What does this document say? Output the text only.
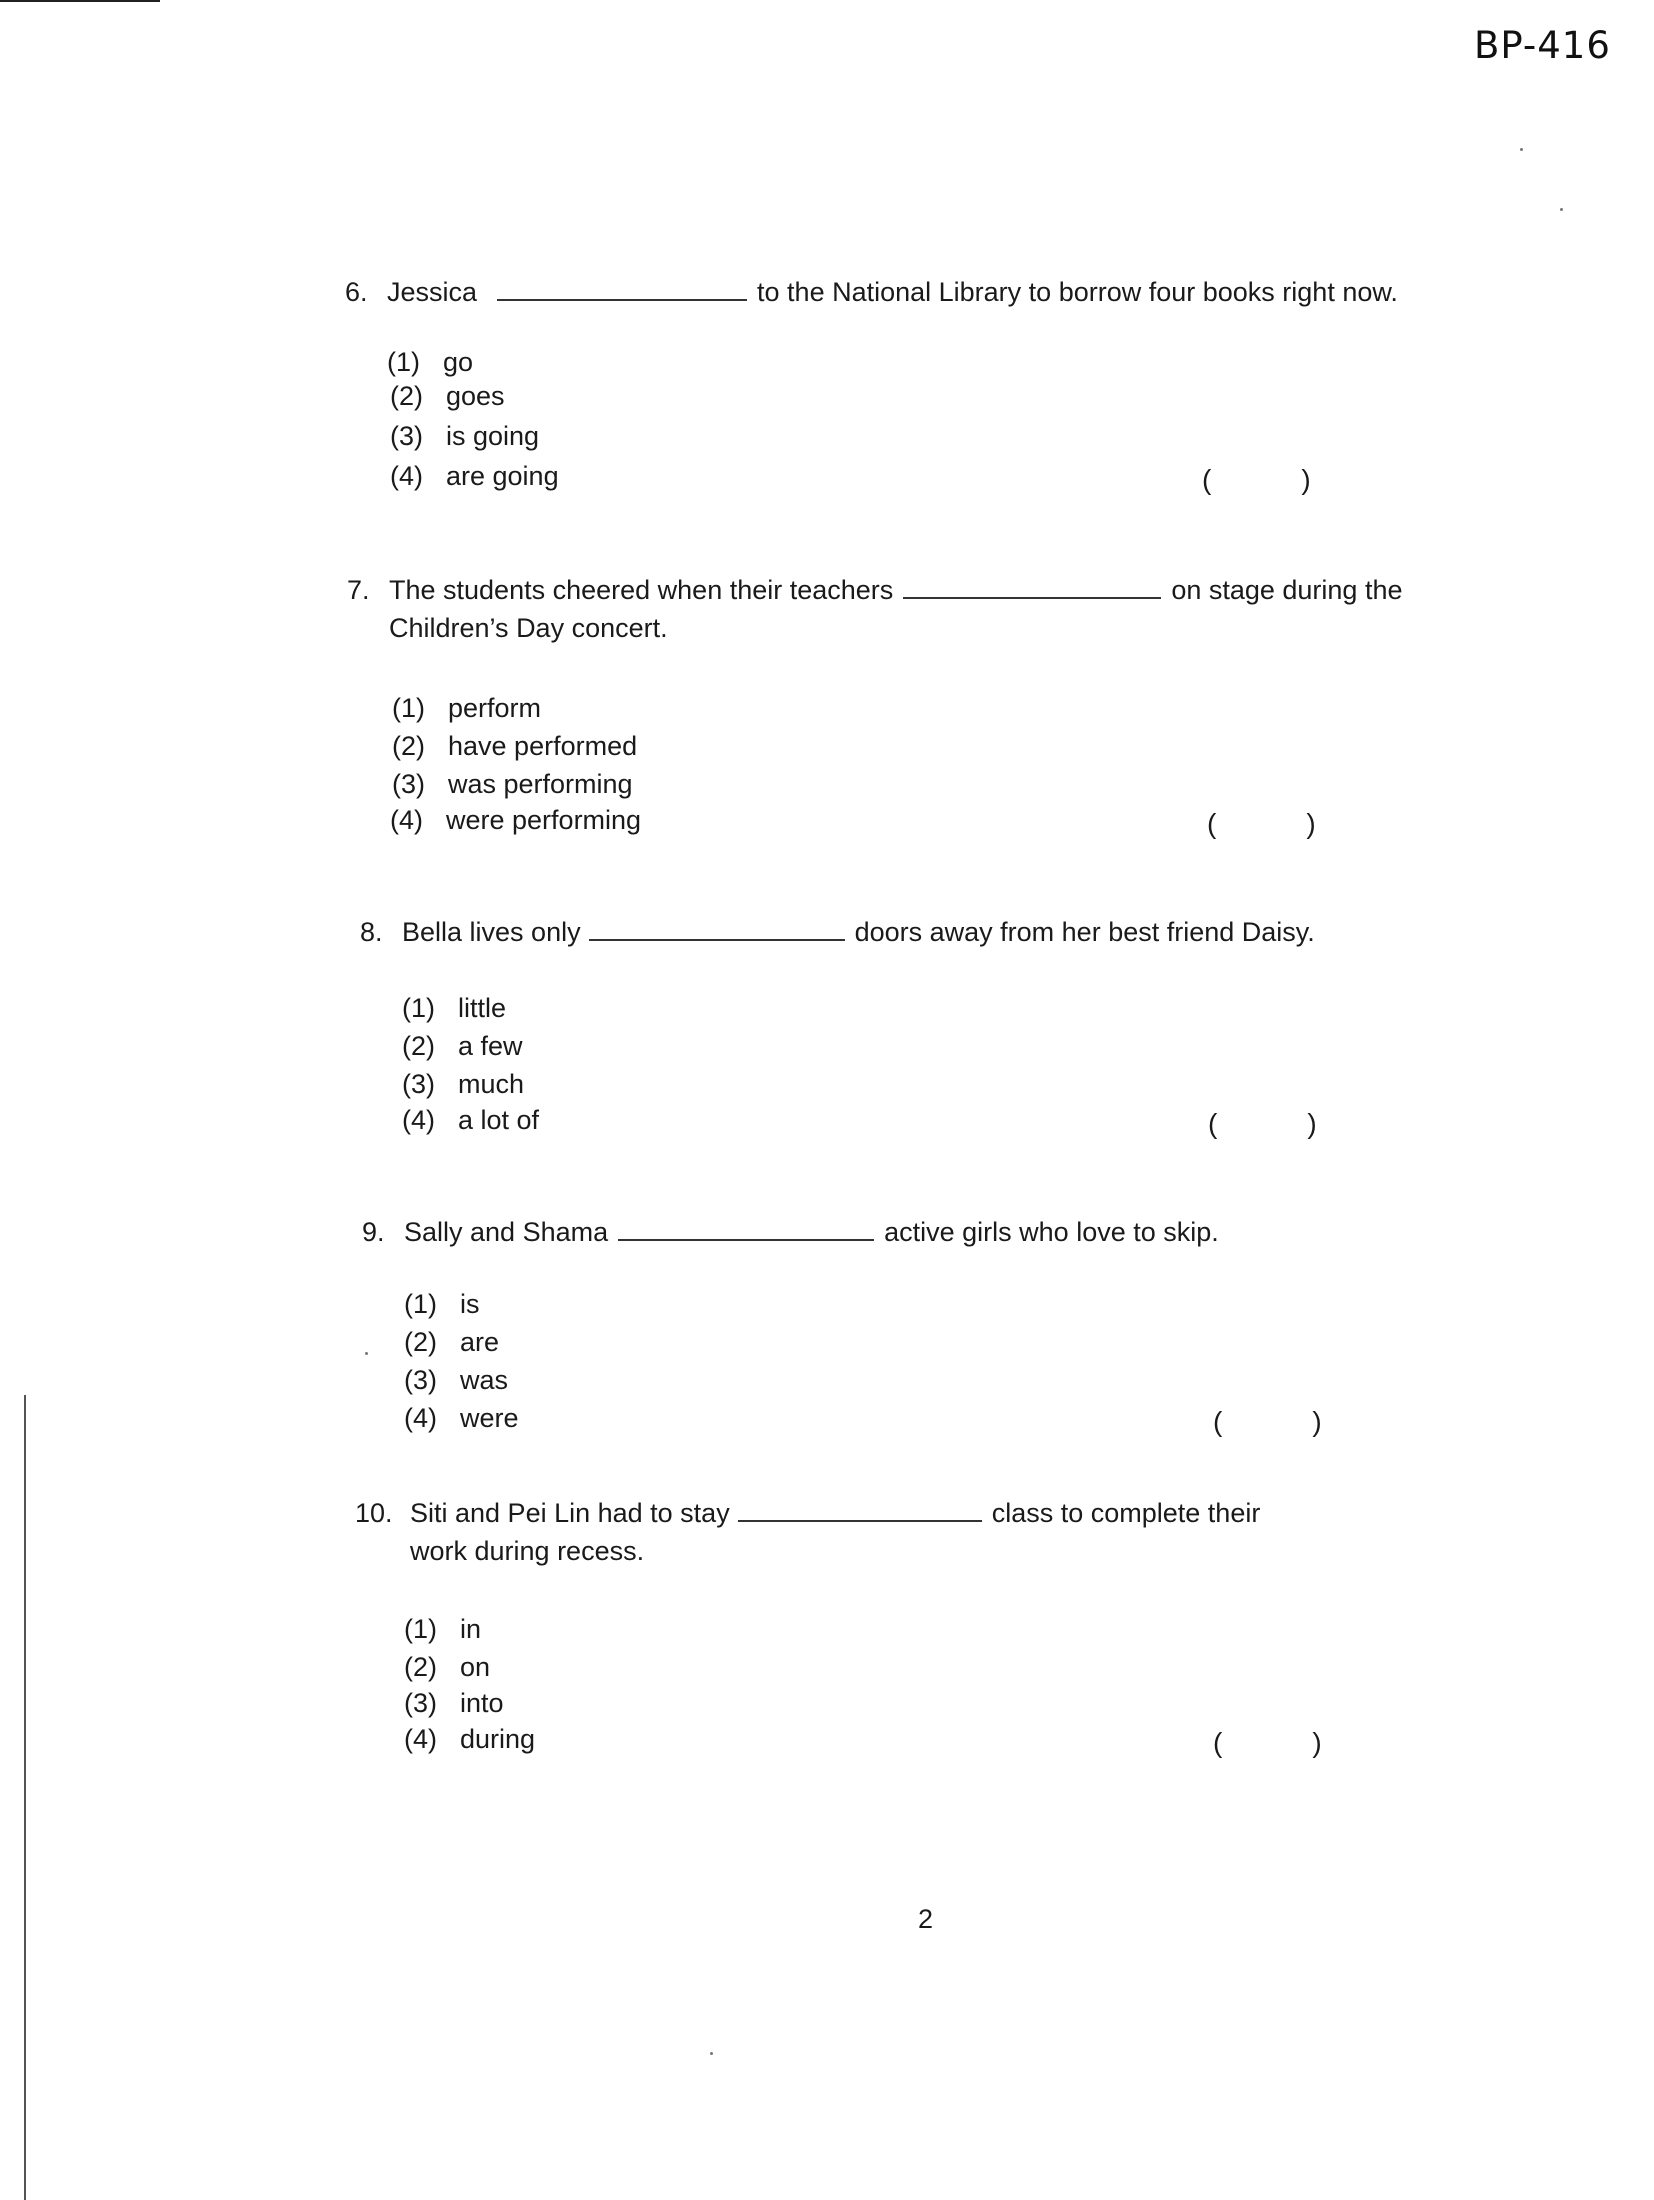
BP-416
6. Jessica	to the National Library to borrow four books right now.
(1) go
(2) goes
(3) is going
(4) are going	(	)
7. The students cheered when their teachers	on stage during the
Children’s Day concert.
(1) perform
(2) have performed
(3) was performing
(4) were performing	(	)
8. Bella lives only	doors away from her best friend Daisy.
(1) little
(2) a few
(3) much
(4) a lot of	(	)
9. Sally and Shama	active girls who love to skip.
(1) is
(2) are
(3) was
(4) were	(	)
10. Siti and Pei Lin had to stay	class to complete their
work during recess.
(1) in
(2) on
(3) into
(4) during	(	)
2
